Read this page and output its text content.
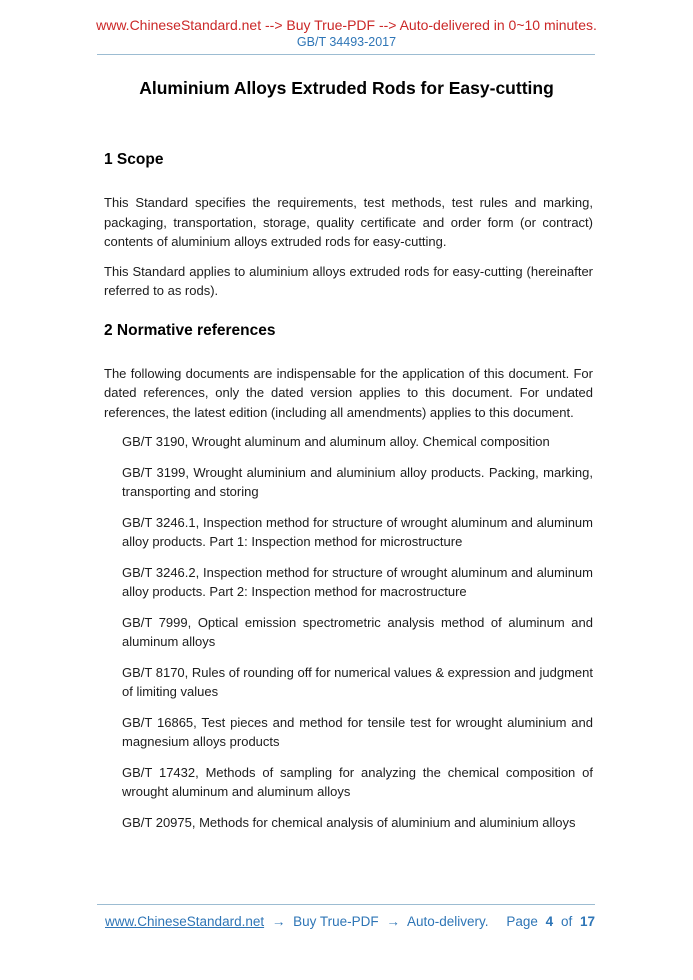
www.ChineseStandard.net --> Buy True-PDF --> Auto-delivered in 0~10 minutes.
GB/T 34493-2017
Aluminium Alloys Extruded Rods for Easy-cutting
1 Scope

This Standard specifies the requirements, test methods, test rules and marking, packaging, transportation, storage, quality certificate and order form (or contract) contents of aluminium alloys extruded rods for easy-cutting.

This Standard applies to aluminium alloys extruded rods for easy-cutting (hereinafter referred to as rods).

2 Normative references

The following documents are indispensable for the application of this document. For dated references, only the dated version applies to this document. For undated references, the latest edition (including all amendments) applies to this document.

GB/T 3190, Wrought aluminum and aluminum alloy. Chemical composition

GB/T 3199, Wrought aluminium and aluminium alloy products. Packing, marking, transporting and storing

GB/T 3246.1, Inspection method for structure of wrought aluminum and aluminum alloy products. Part 1: Inspection method for microstructure

GB/T 3246.2, Inspection method for structure of wrought aluminum and aluminum alloy products. Part 2: Inspection method for macrostructure

GB/T 7999, Optical emission spectrometric analysis method of aluminum and aluminum alloys

GB/T 8170, Rules of rounding off for numerical values & expression and judgment of limiting values

GB/T 16865, Test pieces and method for tensile test for wrought aluminium and magnesium alloys products

GB/T 17432, Methods of sampling for analyzing the chemical composition of wrought aluminum and aluminum alloys

GB/T 20975, Methods for chemical analysis of aluminium and aluminium alloys

www.ChineseStandard.net → Buy True-PDF → Auto-delivery. Page 4 of 17
